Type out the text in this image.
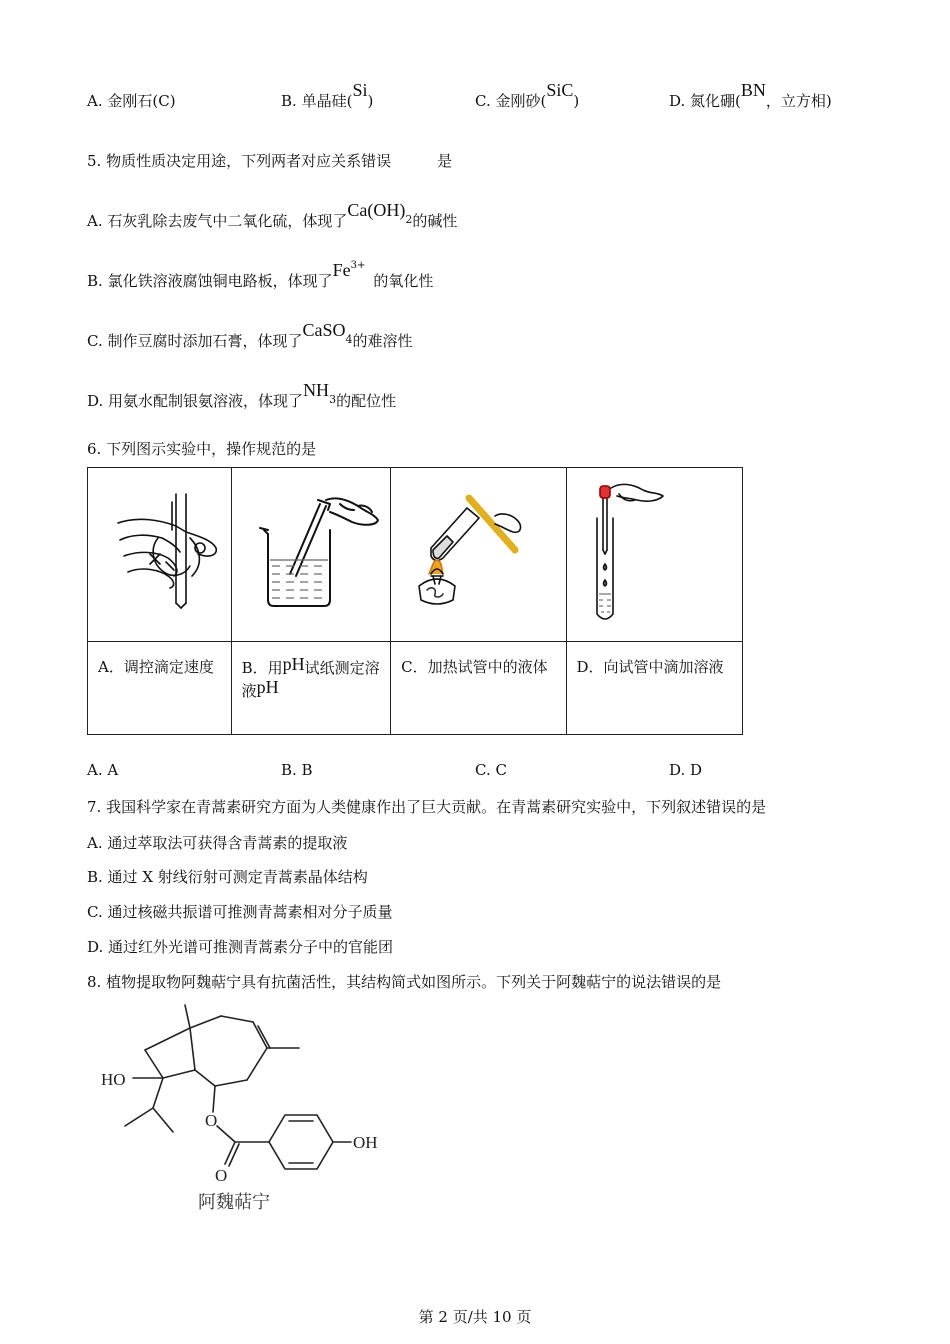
A. 金刚石(C)	B. 单晶硅(Si)	C. 金刚砂(SiC)	D. 氮化硼(BN，立方相)
5. 物质性质决定用途，下列两者对应关系错误	是
A. 石灰乳除去废气中二氧化硫，体现了Ca(OH)$^2$的碱性
B. 氯化铁溶液腐蚀铜电路板，体现了$Fe^{3+}$的氧化性
C. 制作豆腐时添加石膏，体现了CaSO$^4$的难溶性
D. 用氨水配制银氨溶液，体现了$NH^3$的配位性
6. 下列图示实验中，操作规范的是

A．调控滴定速度	B．用pH试纸测定溶液pH	C．加热试管中的液体	D．向试管中滴加溶液
A. A	B. B	C. C	D. D
7. 我国科学家在青蒿素研究方面为人类健康作出了巨大贡献。在青蒿素研究实验中，下列叙述错误的是
A. 通过萃取法可获得含青蒿素的提取液
B. 通过 X 射线衍射可测定青蒿素晶体结构
C. 通过核磁共振谱可推测青蒿素相对分子质量
D. 通过红外光谱可推测青蒿素分子中的官能团
8. 植物提取物阿魏萜宁具有抗菌活性，其结构简式如图所示。下列关于阿魏萜宁的说法错误的是
HO
O
O
OH
阿魏萜宁
第 2 页/共 10 页
